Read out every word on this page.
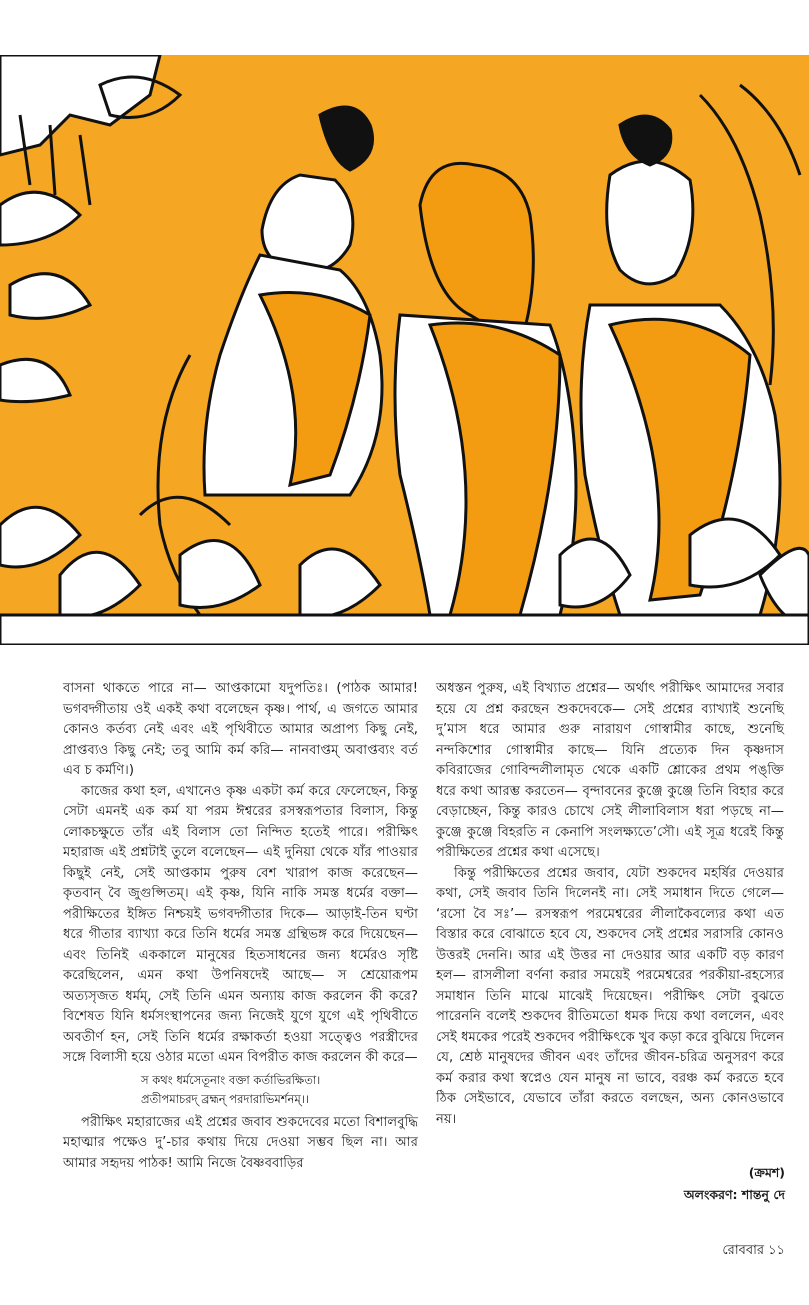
বাসনা থাকতে পারে না— আপ্তকামো যদুপতিঃ। (পাঠক আমার! ভগবদ্গীতায় ওই একই কথা বলেছেন কৃষ্ণ। পার্থ, এ জগতে আমার কোনও কর্তব্য নেই এবং এই পৃথিবীতে আমার অপ্রাপ্য কিছু নেই, প্রাপ্তব্যও কিছু নেই; তবু আমি কর্ম করি— নানবাপ্তম্ অবাপ্তব্যং বর্ত এব চ কর্মণি।)

কাজের কথা হল, এখানেও কৃষ্ণ একটা কর্ম করে ফেলেছেন, কিন্তু সেটা এমনই এক কর্ম যা পরম ঈশ্বরের রসস্বরূপতার বিলাস, কিন্তু লোকচক্ষুতে তাঁর এই বিলাস তো নিন্দিত হতেই পারে। পরীক্ষিৎ মহারাজ এই প্রশ্নটাই তুলে বলেছেন— এই দুনিয়া থেকে যাঁর পাওয়ার কিছুই নেই, সেই আপ্তকাম পুরুষ বেশ খারাপ কাজ করেছেন— কৃতবান্ বৈ জুগুপ্সিতম্। এই কৃষ্ণ, যিনি নাকি সমস্ত ধর্মের বক্তা— পরীক্ষিতের ইঙ্গিত নিশ্চয়ই ভগবদ্গীতার দিকে— আড়াই-তিন ঘণ্টা ধরে গীতার ব্যাখ্যা করে তিনি ধর্মের সমস্ত গ্রন্থিভঙ্গ করে দিয়েছেন— এবং তিনিই এককালে মানুষের হিতসাধনের জন্য ধর্মেরও সৃষ্টি করেছিলেন, এমন কথা উপনিষদেই আছে— স শ্রেয়োরূপম অত্যসৃজত ধর্মম্, সেই তিনি এমন অন্যায় কাজ করলেন কী করে? বিশেষত যিনি ধর্মসংস্থাপনের জন্য নিজেই যুগে যুগে এই পৃথিবীতে অবতীর্ণ হন, সেই তিনি ধর্মের রক্ষাকর্তা হওয়া সত্ত্বেও পরস্ত্রীদের সঙ্গে বিলাসী হয়ে ওঠার মতো এমন বিপরীত কাজ করলেন কী করে—

স কথং ধর্মসেতূনাং বক্তা কর্তাভিরক্ষিতা।
প্রতীপমাচরদ্ ব্রহ্মন্ পরদারাভিমর্শনম্।।

পরীক্ষিৎ মহারাজের এই প্রশ্নের জবাব শুকদেবের মতো বিশালবুদ্ধি মহাত্মার পক্ষেও দু’-চার কথায় দিয়ে দেওয়া সম্ভব ছিল না। আর আমার সহৃদয় পাঠক! আমি নিজে বৈষ্ণববাড়ির

অধস্তন পুরুষ, এই বিখ্যাত প্রশ্নের— অর্থাৎ পরীক্ষিৎ আমাদের সবার হয়ে যে প্রশ্ন করছেন শুকদেবকে— সেই প্রশ্নের ব্যাখ্যাই শুনেছি দু’মাস ধরে আমার গুরু নারায়ণ গোস্বামীর কাছে, শুনেছি নন্দকিশোর গোস্বামীর কাছে— যিনি প্রত্যেক দিন কৃষ্ণদাস কবিরাজের গোবিন্দলীলামৃত থেকে একটি শ্লোকের প্রথম পঙ্‌ক্তি ধরে কথা আরম্ভ করতেন— বৃন্দাবনের কুঞ্জে কুঞ্জে তিনি বিহার করে বেড়াচ্ছেন, কিন্তু কারও চোখে সেই লীলাবিলাস ধরা পড়ছে না— কুঞ্জে কুঞ্জে বিহরতি ন কেনাপি সংলক্ষ্যতে’সৌ। এই সূত্র ধরেই কিন্তু পরীক্ষিতের প্রশ্নের কথা এসেছে।

কিন্তু পরীক্ষিতের প্রশ্নের জবাব, যেটা শুকদেব মহর্ষির দেওয়ার কথা, সেই জবাব তিনি দিলেনই না। সেই সমাধান দিতে গেলে— ‘রসো বৈ সঃ’— রসস্বরূপ পরমেশ্বরের লীলাকৈবল্যের কথা এত বিস্তার করে বোঝাতে হবে যে, শুকদেব সেই প্রশ্নের সরাসরি কোনও উত্তরই দেননি। আর এই উত্তর না দেওয়ার আর একটি বড় কারণ হল— রাসলীলা বর্ণনা করার সময়েই পরমেশ্বরের পরকীয়া-রহস্যের সমাধান তিনি মাঝে মাঝেই দিয়েছেন। পরীক্ষিৎ সেটা বুঝতে পারেননি বলেই শুকদেব রীতিমতো ধমক দিয়ে কথা বললেন, এবং সেই ধমকের পরেই শুকদেব পরীক্ষিৎকে খুব কড়া করে বুঝিয়ে দিলেন যে, শ্রেষ্ঠ মানুষদের জীবন এবং তাঁদের জীবন-চরিত্র অনুসরণ করে কর্ম করার কথা স্বপ্নেও যেন মানুষ না ভাবে, বরঞ্চ কর্ম করতে হবে ঠিক সেইভাবে, যেভাবে তাঁরা করতে বলছেন, অন্য কোনওভাবে নয়।

(ক্রমশ)
অলংকরণ: শান্তনু দে
রোববার ১১
